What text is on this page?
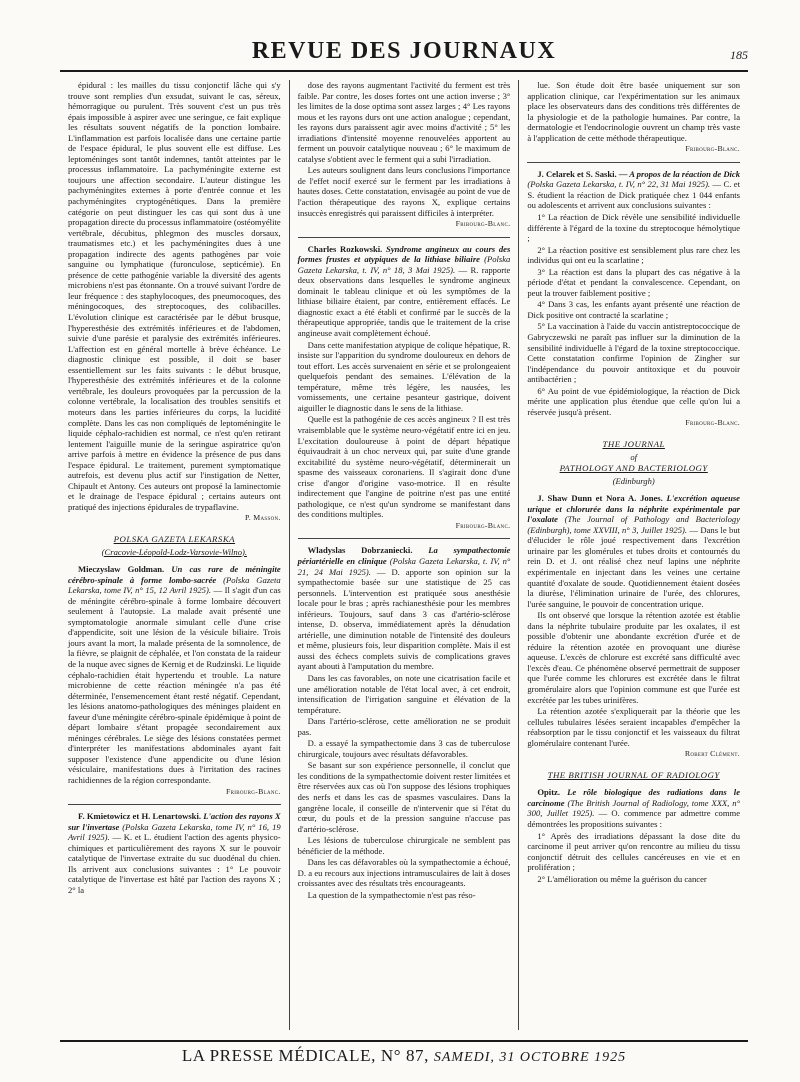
REVUE DES JOURNAUX	185

épidural : les mailles du tissu conjonctif lâche qui s'y trouve sont remplies d'un exsudat, suivant le cas, séreux, hémorragique ou purulent. Très souvent c'est un pus très épais impossible à aspirer avec une seringue, ce fait explique les résultats souvent négatifs de la ponction lombaire. L'inflammation est parfois localisée dans une certaine partie de l'espace épidural, le plus souvent elle est diffuse. Les leptoméninges sont tantôt indemnes, tantôt atteintes par le processus inflammatoire. La pachyméningite externe est toujours une affection secondaire. L'auteur distingue les pachyméningites externes à porte d'entrée connue et les pachyméningites cryptogénétiques. Dans la première catégorie on peut distinguer les cas qui sont dus à une propagation directe du processus inflammatoire (ostéomyélite vertébrale, décubitus, phlegmon des muscles dorsaux, traumatismes etc.) et les pachyméningites dues à une propagation indirecte des agents pathogènes par voie sanguine ou lymphatique (furonculose, septicémie). En présence de cette pathogénie variable la diversité des agents microbiens n'est pas étonnante. On a trouvé suivant l'ordre de leur fréquence : des staphylocoques, des pneumocoques, des méningocoques, des streptocoques, des colibacilles. L'évolution clinique est caractérisée par le début brusque, l'hyperesthésie des extrémités inférieures et de l'abdomen, suivie d'une parésie et paralysie des extrémités inférieures. L'affection est en général mortelle à brève échéance. Le diagnostic clinique est possible, il doit se baser essentiellement sur les faits suivants : le début brusque, l'hyperesthésie des extrémités inférieures et de la colonne vertébrale, les douleurs provoquées par la percussion de la colonne vertébrale, la localisation des troubles sensitifs et moteurs dans les parties inférieures du corps, la lucidité complète. Dans les cas non compliqués de leptoméningite le liquide céphalo-rachidien est normal, ce n'est qu'en retirant lentement l'aiguille munie de la seringue aspiratrice qu'on arrive parfois à mettre en évidence la présence de pus dans l'espace épidural. Le traitement, purement symptomatique autrefois, est devenu plus actif sur l'instigation de Netter, Chipault et Antony. Ces auteurs ont proposé la laminectomie et le drainage de l'espace épidural ; certains auteurs ont pratiqué des injections épidurales de trypaflavine.

P. Masson.
POLSKA GAZETA LEKARSKA
(Cracovie-Léopold-Lodz-Varsovie-Wilno).

Mieczyslaw Goldman. Un cas rare de méningite cérébro-spinale à forme lombo-sacrée (Polska Gazeta Lekarska, tome IV, n° 15, 12 Avril 1925). — Il s'agit d'un cas de méningite cérébro-spinale à forme lombaire découvert seulement à l'autopsie. La malade avait présenté une symptomatologie anormale simulant celle d'une crise d'appendicite, soit une lésion de la vésicule biliaire. Trois jours avant la mort, la malade présenta de la somnolence, de la fièvre, se plaignit de céphalée, et l'on constata de la raideur de la nuque avec signes de Kernig et de Rudzinski. Le liquide céphalo-rachidien était hypertendu et trouble. La nature microbienne de cette réaction méningée n'a pas été déterminée, l'ensemencement étant resté négatif. Cependant, les lésions anatomo-pathologiques des méninges plaident en faveur d'une méningite cérébro-spinale épidémique à point de départ lombaire s'étant propagée secondairement aux méninges cérébrales. Le siège des lésions constatées permet d'interpréter les manifestations abdominales ayant fait supposer l'existence d'une appendicite ou d'une lésion vésiculaire, manifestations dues à l'irritation des racines rachidiennes de la région correspondante.

Fribourg-Blanc.

F. Kmietowicz et H. Lenartowski. L'action des rayons X sur l'invertase (Polska Gazeta Lekarska, tome IV, n° 16, 19 Avril 1925). — K. et L. étudient l'action des agents physico-chimiques et particulièrement des rayons X sur le pouvoir catalytique de l'invertase extraite du suc duodénal du chien. Ils arrivent aux conclusions suivantes : 1° Le pouvoir catalytique de l'invertase est hâté par l'action des rayons X ; 2° la

dose des rayons augmentant l'activité du ferment est très faible. Par contre, les doses fortes ont une action inverse ; 3° les limites de la dose optima sont assez larges ; 4° Les rayons mous et les rayons durs ont une action analogue ; cependant, les rayons durs paraissent agir avec moins d'activité ; 5° les irradiations d'intensité moyenne renouvelées apportent au ferment un pouvoir catalytique nouveau ; 6° le maximum de catalyse s'obtient avec le ferment qui a subi l'irradiation.

Les auteurs soulignent dans leurs conclusions l'importance de l'effet nocif exercé sur le ferment par les irradiations à hautes doses. Cette constatation, envisagée au point de vue de l'action thérapeutique des rayons X, explique certains insuccès enregistrés qui paraissent difficiles à interpréter.

Fribourg-Blanc.

Charles Rozkowski. Syndrome angineux au cours des formes frustes et atypiques de la lithiase biliaire (Polska Gazeta Lekarska, t. IV, n° 18, 3 Mai 1925). — R. rapporte deux observations dans lesquelles le syndrome angineux dominait le tableau clinique et où les symptômes de la lithiase biliaire étaient, par contre, entièrement effacés. Le diagnostic exact a été établi et confirmé par le succès de la thérapeutique appropriée, tandis que le traitement de la crise angineuse avait complètement échoué.

Dans cette manifestation atypique de colique hépatique, R. insiste sur l'apparition du syndrome douloureux en dehors de tout effort. Les accès survenaient en série et se prolongeaient quelquefois pendant des semaines. L'élévation de la température, même très légère, les nausées, les vomissements, une certaine pesanteur gastrique, doivent aiguiller le diagnostic dans le sens de la lithiase.

Quelle est la pathogénie de ces accès angineux ? Il est très vraisemblable que le système neuro-végétatif entre ici en jeu. L'excitation douloureuse à point de départ hépatique équivaudrait à un choc nerveux qui, par suite d'une grande excitabilité du système neuro-végétatif, déterminerait un spasme des vaisseaux coronariens. Il s'agirait donc d'une crise d'angor d'origine vaso-motrice. Il en résulte indirectement que l'angine de poitrine n'est pas une entité pathologique, ce n'est qu'un syndrome se manifestant dans des conditions multiples.

Fribourg-Blanc.

Wladyslas Dobrzaniecki. La sympathectomie périartérielle en clinique (Polska Gazeta Lekarska, t. IV, n° 21, 24 Mai 1925). — D. apporte son opinion sur la sympathectomie basée sur une statistique de 25 cas personnels. L'intervention est pratiquée sous anesthésie locale pour le bras ; après rachianesthésie pour les membres inférieurs. Toujours, sauf dans 3 cas d'artério-sclérose intense, D. observa, immédiatement après la dénudation artérielle, une diminution notable de l'intensité des douleurs et même, plusieurs fois, leur disparition complète. Mais il est aussi des échecs complets suivis de complications graves ayant abouti à l'amputation du membre.

Dans les cas favorables, on note une cicatrisation facile et une amélioration notable de l'état local avec, à cet endroit, intensification de l'irrigation sanguine et élévation de la température.

Dans l'artério-sclérose, cette amélioration ne se produit pas.

D. a essayé la sympathectomie dans 3 cas de tuberculose chirurgicale, toujours avec résultats défavorables.

Se basant sur son expérience personnelle, il conclut que les conditions de la sympathectomie doivent rester limitées et être réservées aux cas où l'on suppose des lésions trophiques des nerfs et dans les cas de spasmes vasculaires. Dans la gangrène locale, il conseille de n'intervenir que si l'état du cœur, du pouls et de la pression sanguine n'accuse pas d'artério-sclérose.

Les lésions de tuberculose chirurgicale ne semblent pas bénéficier de la méthode.

Dans les cas défavorables où la sympathectomie a échoué, D. a eu recours aux injections intramusculaires de lait à doses croissantes avec des résultats très encourageants.

La question de la sympathectomie n'est pas réso-

lue. Son étude doit être basée uniquement sur son application clinique, car l'expérimentation sur les animaux place les observateurs dans des conditions très différentes de la physiologie et de la pathologie humaines. Par contre, la dermatologie et l'endocrinologie ouvrent un champ très vaste à l'application de cette méthode thérapeutique.

Fribourg-Blanc.

J. Celarek et S. Saski. — A propos de la réaction de Dick (Polska Gazeta Lekarska, t. IV, n° 22, 31 Mai 1925). — C. et S. étudient la réaction de Dick pratiquée chez 1 044 enfants ou adolescents et arrivent aux conclusions suivantes :

1° La réaction de Dick révèle une sensibilité individuelle différente à l'égard de la toxine du streptocoque hémolytique ;

2° La réaction positive est sensiblement plus rare chez les individus qui ont eu la scarlatine ;

3° La réaction est dans la plupart des cas négative à la période d'état et pendant la convalescence. Cependant, on peut la trouver faiblement positive ;

4° Dans 3 cas, les enfants ayant présenté une réaction de Dick positive ont contracté la scarlatine ;

5° La vaccination à l'aide du vaccin antistreptococcique de Gabryczewski ne paraît pas influer sur la diminution de la sensibilité individuelle à l'égard de la toxine streptococcique. Cette constatation confirme l'opinion de Zingher sur l'indépendance du pouvoir antitoxique et du pouvoir antibactérien ;

6° Au point de vue épidémiologique, la réaction de Dick mérite une application plus étendue que celle qu'on lui a réservée jusqu'à présent.

Fribourg-Blanc.
THE JOURNAL
of
PATHOLOGY AND BACTERIOLOGY
(Edinburgh)

J. Shaw Dunn et Nora A. Jones. L'excrétion aqueuse urique et chlorurée dans la néphrite expérimentale par l'oxalate (The Journal of Pathology and Bacteriology (Edinburgh), tome XXVIII, n° 3, Juillet 1925). — Dans le but d'élucider le rôle joué respectivement dans l'excrétion urinaire par les glomérules et tubes droits et contournés du rein D. et J. ont réalisé chez neuf lapins une néphrite expérimentale en injectant dans les veines une certaine quantité d'oxalate de soude. Quotidiennement étaient dosées la diurèse, l'élimination urinaire de l'urée, des chlorures, l'urée sanguine, le pouvoir de concentration urique.

Ils ont observé que lorsque la rétention azotée est établie dans la néphrite tubulaire produite par les oxalates, il est possible d'obtenir une abondante excrétion d'urée et de réduire la rétention azotée en provoquant une diurèse aqueuse. L'excès de chlorure est excrété sans difficulté avec l'excès d'eau. Ce phénomène observé permettrait de supposer que l'urée comme les chlorures est excrétée dans le filtrat gromérulaire alors que l'opinion commune est que l'urée est excrétée par les tubes urinifères.

La rétention azotée s'expliquerait par la théorie que les cellules tubulaires lésées seraient incapables d'empêcher la réabsorption par le tissu conjonctif et les vaisseaux du filtrat glomérulaire contenant l'urée.

Robert Clément.
THE BRITISH JOURNAL OF RADIOLOGY

Opitz. Le rôle biologique des radiations dans le carcinome (The British Journal of Radiology, tome XXX, n° 300, Juillet 1925). — O. commence par admettre comme démontrées les propositions suivantes :

1° Après des irradiations dépassant la dose dite du carcinome il peut arriver qu'on rencontre au milieu du tissu conjonctif détruit des cellules cancéreuses en vie et en prolifération ;

2° L'amélioration ou même la guérison du cancer

LA PRESSE MÉDICALE, N° 87, SAMEDI, 31 OCTOBRE 1925
